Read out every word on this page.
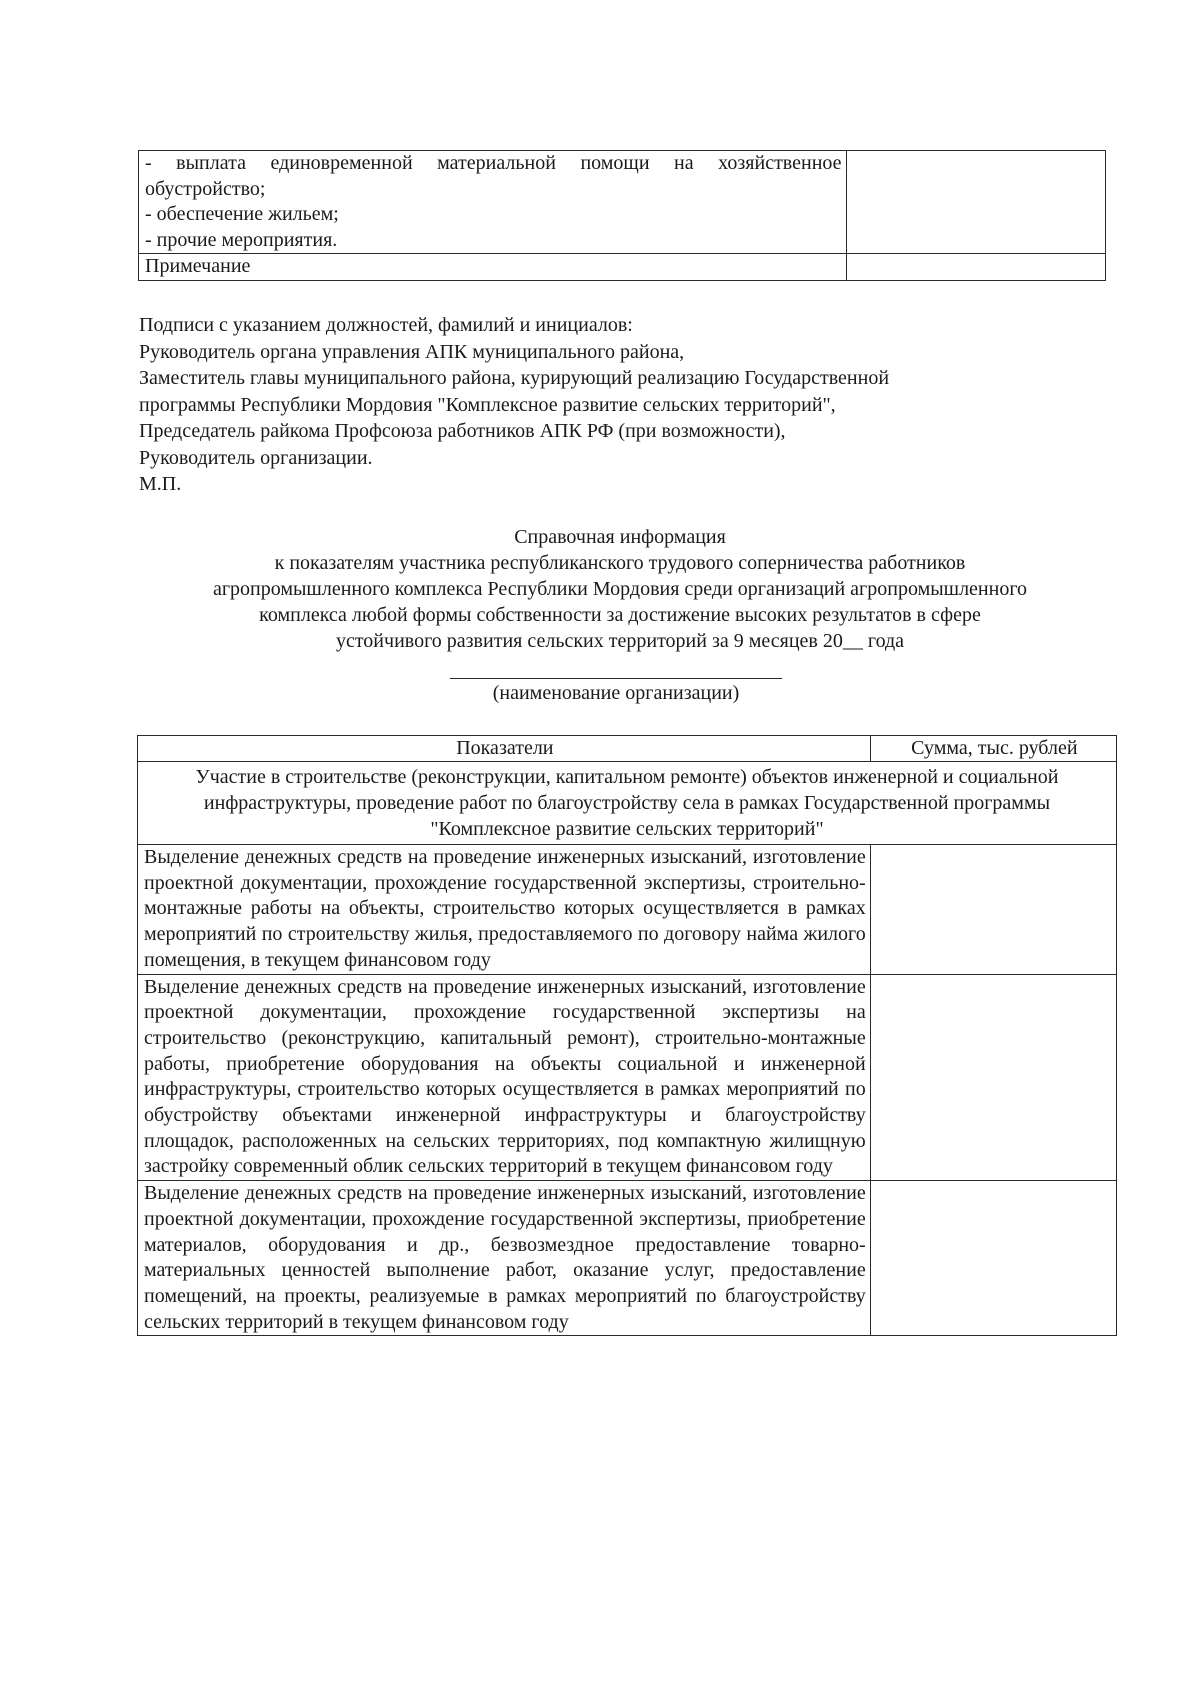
- выплата единовременной материальной помощи на хозяйственное обустройство;
- обеспечение жильем;
- прочие мероприятия.	

Примечание	

Подписи с указанием должностей, фамилий и инициалов:
Руководитель органа управления АПК муниципального района,
Заместитель главы муниципального района, курирующий реализацию Государственной
программы Республики Мордовия "Комплексное развитие сельских территорий",
Председатель райкома Профсоюза работников АПК РФ (при возможности),
Руководитель организации.
М.П.
Справочная информация
к показателям участника республиканского трудового соперничества работников
агропромышленного комплекса Республики Мордовия среди организаций агропромышленного
комплекса любой формы собственности за достижение высоких результатов в сфере
устойчивого развития сельских территорий за 9 месяцев 20__ года
(наименование организации)
Показатели	Сумма, тыс. рублей
Участие в строительстве (реконструкции, капитальном ремонте) объектов инженерной и социальной инфраструктуры, проведение работ по благоустройству села в рамках Государственной программы "Комплексное развитие сельских территорий"	
Выделение денежных средств на проведение инженерных изысканий, изготовление проектной документации, прохождение государственной экспертизы, строительно-монтажные работы на объекты, строительство которых осуществляется в рамках мероприятий по строительству жилья, предоставляемого по договору найма жилого помещения, в текущем финансовом году	
Выделение денежных средств на проведение инженерных изысканий, изготовление проектной документации, прохождение государственной экспертизы на строительство (реконструкцию, капитальный ремонт), строительно-монтажные работы, приобретение оборудования на объекты социальной и инженерной инфраструктуры, строительство которых осуществляется в рамках мероприятий по обустройству объектами инженерной инфраструктуры и благоустройству площадок, расположенных на сельских территориях, под компактную жилищную застройку современный облик сельских территорий в текущем финансовом году	
Выделение денежных средств на проведение инженерных изысканий, изготовление проектной документации, прохождение государственной экспертизы, приобретение материалов, оборудования и др., безвозмездное предоставление товарно-материальных ценностей выполнение работ, оказание услуг, предоставление помещений, на проекты, реализуемые в рамках мероприятий по благоустройству сельских территорий в текущем финансовом году	
